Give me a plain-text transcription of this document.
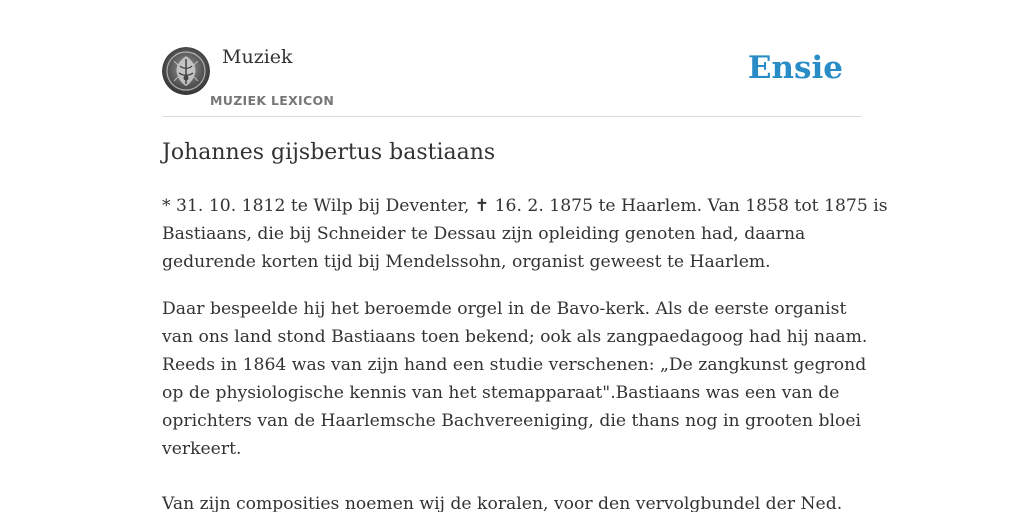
Muziek
MUZIEK LEXICON
Ensie
Johannes gijsbertus bastiaans

* 31. 10. 1812 te Wilp bij Deventer, ✝ 16. 2. 1875 te Haarlem. Van 1858 tot 1875 is
Bastiaans, die bij Schneider te Dessau zijn opleiding genoten had, daarna
gedurende korten tijd bij Mendelssohn, organist geweest te Haarlem.

Daar bespeelde hij het beroemde orgel in de Bavo-kerk. Als de eerste organist
van ons land stond Bastiaans toen bekend; ook als zangpaedagoog had hij naam.
Reeds in 1864 was van zijn hand een studie verschenen: „De zangkunst gegrond
op de physiologische kennis van het stemapparaat".Bastiaans was een van de
oprichters van de Haarlemsche Bachvereeniging, die thans nog in grooten bloei
verkeert.

Van zijn composities noemen wij de koralen, voor den vervolgbundel der Ned.
